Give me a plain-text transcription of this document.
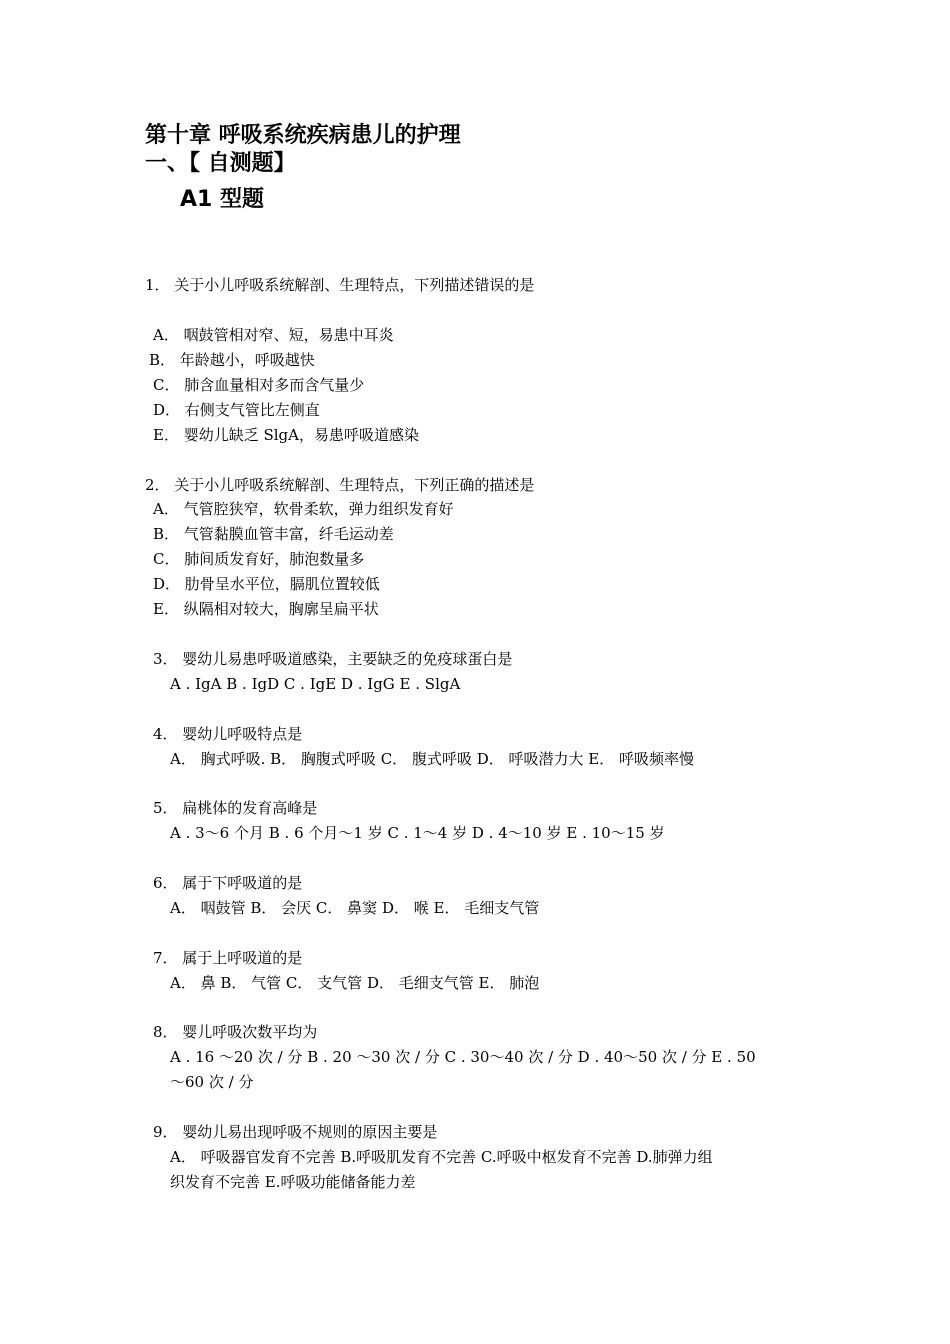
第十章 呼吸系统疾病患儿的护理
一、【 自测题】
A1 型题

1． 关于小儿呼吸系统解剖、生理特点，下列描述错误的是

A． 咽鼓管相对窄、短，易患中耳炎

B． 年龄越小，呼吸越快

C． 肺含血量相对多而含气量少

D． 右侧支气管比左侧直

E． 婴幼儿缺乏 SlgA，易患呼吸道感染

2． 关于小儿呼吸系统解剖、生理特点，下列正确的描述是

A． 气管腔狭窄，软骨柔软，弹力组织发育好

B． 气管黏膜血管丰富，纤毛运动差

C． 肺间质发育好，肺泡数量多

D． 肋骨呈水平位，膈肌位置较低

E． 纵隔相对较大，胸廓呈扁平状

3． 婴幼儿易患呼吸道感染，主要缺乏的免疫球蛋白是

A . IgA B . IgD C . IgE D . IgG E . SlgA

4． 婴幼儿呼吸特点是

A． 胸式呼吸. B． 胸腹式呼吸 C． 腹式呼吸 D． 呼吸潜力大 E． 呼吸频率慢

5． 扁桃体的发育高峰是

A . 3～6 个月 B . 6 个月～1 岁 C . 1～4 岁 D . 4～10 岁 E . 10～15 岁

6． 属于下呼吸道的是

A． 咽鼓管 B． 会厌 C． 鼻窦 D． 喉 E． 毛细支气管

7． 属于上呼吸道的是

A． 鼻 B． 气管 C． 支气管 D． 毛细支气管 E． 肺泡

8． 婴儿呼吸次数平均为

A . 16 ～20 次 / 分 B . 20 ～30 次 / 分 C . 30～40 次 / 分 D . 40～50 次 / 分 E . 50

～60 次 / 分

9． 婴幼儿易出现呼吸不规则的原因主要是

A． 呼吸器官发育不完善 B.呼吸肌发育不完善 C.呼吸中枢发育不完善 D.肺弹力组

织发育不完善 E.呼吸功能储备能力差
